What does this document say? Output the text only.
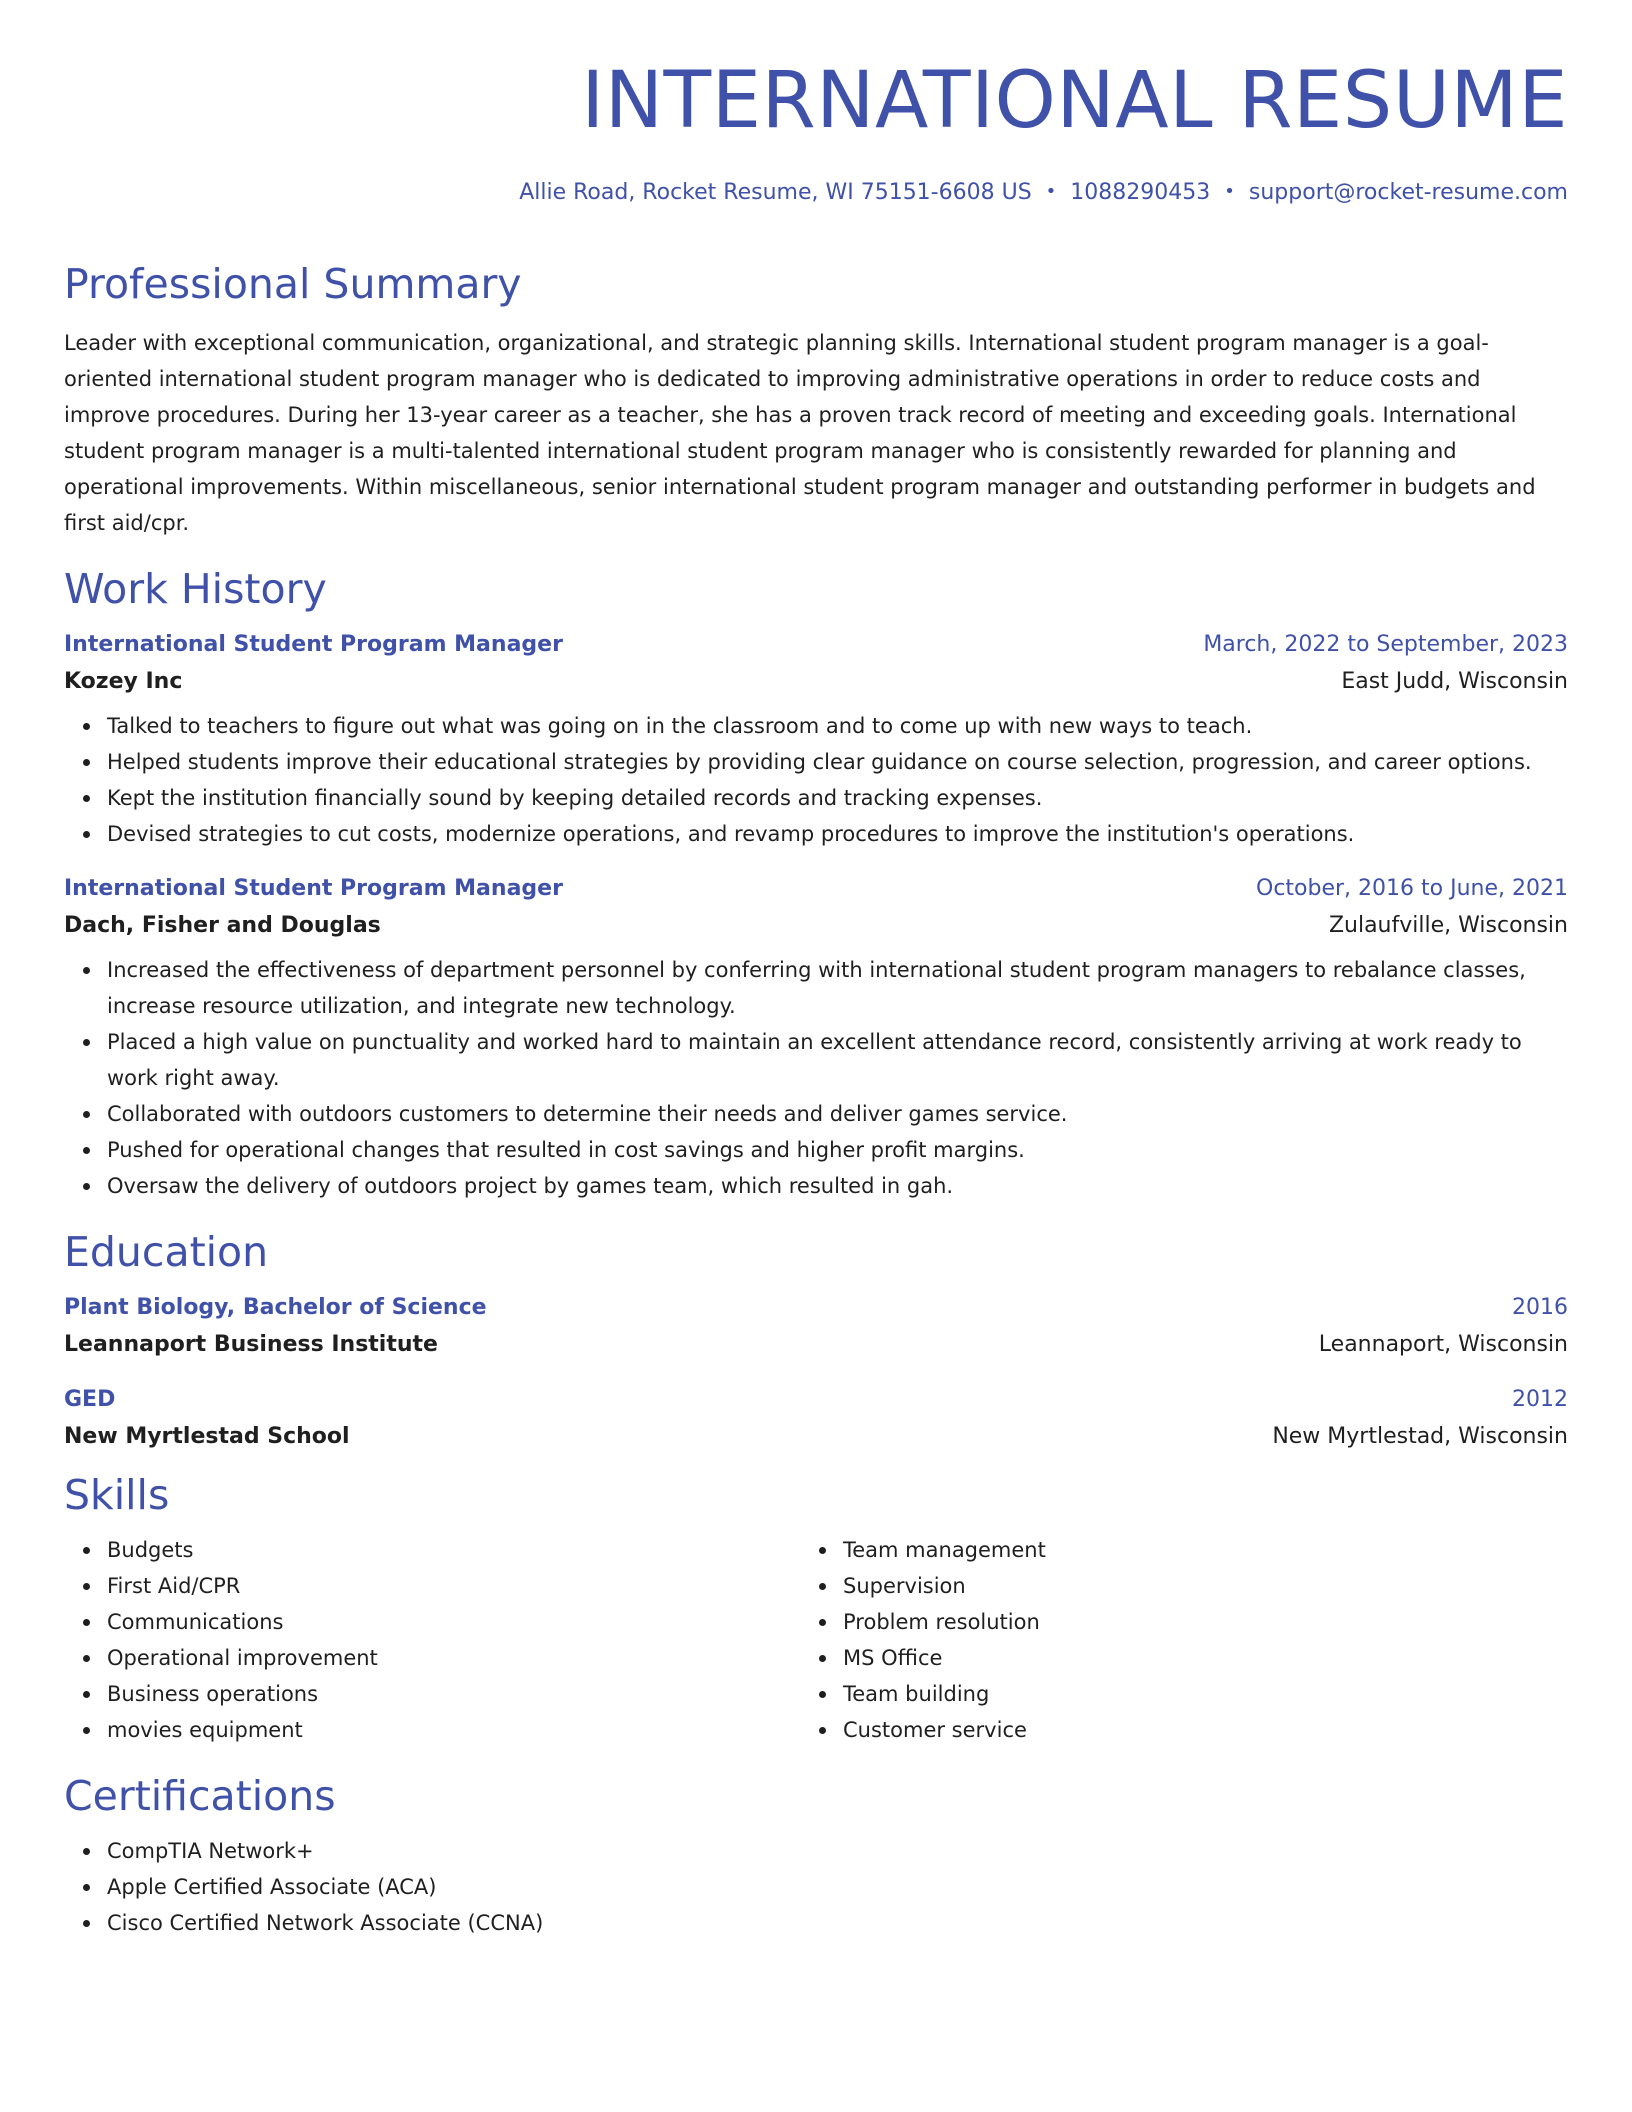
INTERNATIONAL RESUME
Allie Road, Rocket Resume, WI 75151-6608 US • 1088290453 • support@rocket-resume.com
Professional Summary

Leader with exceptional communication, organizational, and strategic planning skills. International student program manager is a goal-oriented international student program manager who is dedicated to improving administrative operations in order to reduce costs and improve procedures. During her 13-year career as a teacher, she has a proven track record of meeting and exceeding goals. International student program manager is a multi-talented international student program manager who is consistently rewarded for planning and operational improvements. Within miscellaneous, senior international student program manager and outstanding performer in budgets and first aid/cpr.

Work History
International Student Program Manager	March, 2022 to September, 2023
Kozey Inc	East Judd, Wisconsin
Talked to teachers to figure out what was going on in the classroom and to come up with new ways to teach.
Helped students improve their educational strategies by providing clear guidance on course selection, progression, and career options.
Kept the institution financially sound by keeping detailed records and tracking expenses.
Devised strategies to cut costs, modernize operations, and revamp procedures to improve the institution's operations.
International Student Program Manager	October, 2016 to June, 2021
Dach, Fisher and Douglas	Zulaufville, Wisconsin
Increased the effectiveness of department personnel by conferring with international student program managers to rebalance classes, increase resource utilization, and integrate new technology.
Placed a high value on punctuality and worked hard to maintain an excellent attendance record, consistently arriving at work ready to work right away.
Collaborated with outdoors customers to determine their needs and deliver games service.
Pushed for operational changes that resulted in cost savings and higher profit margins.
Oversaw the delivery of outdoors project by games team, which resulted in gah.
Education
Plant Biology, Bachelor of Science	2016
Leannaport Business Institute	Leannaport, Wisconsin
GED	2012
New Myrtlestad School	New Myrtlestad, Wisconsin
Skills
Budgets
First Aid/CPR
Communications
Operational improvement
Business operations
movies equipment
Team management
Supervision
Problem resolution
MS Office
Team building
Customer service
Certifications
CompTIA Network+
Apple Certified Associate (ACA)
Cisco Certified Network Associate (CCNA)
